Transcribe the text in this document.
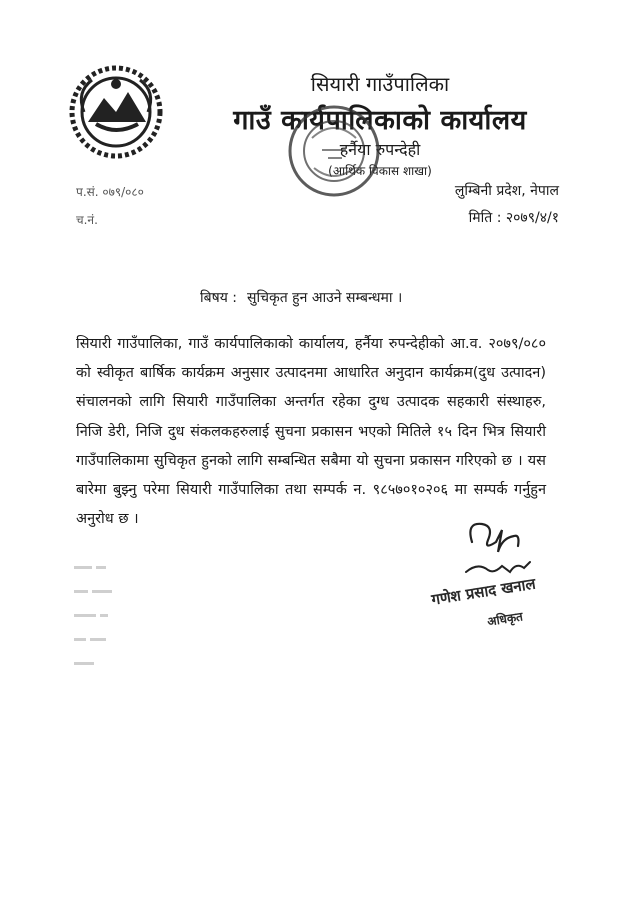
सियारी गाउँपालिका
गाउँ कार्यपालिकाको कार्यालय
हर्नैया रुपन्देही
(आर्थिक विकास शाखा)
प.सं. ०७९/०८०
च.नं.
लुम्बिनी प्रदेश, नेपाल
मिति : २०७९/४/१
बिषय : सुचिकृत हुन आउने सम्बन्धमा ।
सियारी गाउँपालिका, गाउँ कार्यपालिकाको कार्यालय, हर्नैया रुपन्देहीको आ.व. २०७९/०८० को स्वीकृत बार्षिक कार्यक्रम अनुसार उत्पादनमा आधारित अनुदान कार्यक्रम(दुध उत्पादन) संचालनको लागि सियारी गाउँपालिका अन्तर्गत रहेका दुग्ध उत्पादक सहकारी संस्थाहरु, निजि डेरी, निजि दुध संकलकहरुलाई सुचना प्रकासन भएको मितिले १५ दिन भित्र सियारी गाउँपालिकामा सुचिकृत हुनको लागि सम्बन्धित सबैमा यो सुचना प्रकासन गरिएको छ । यस बारेमा बुझ्नु परेमा सियारी गाउँपालिका तथा सम्पर्क न. ९८५७०१०२०६ मा सम्पर्क गर्नुहुन अनुरोध छ ।
गणेश प्रसाद खनाल
अधिकृत
